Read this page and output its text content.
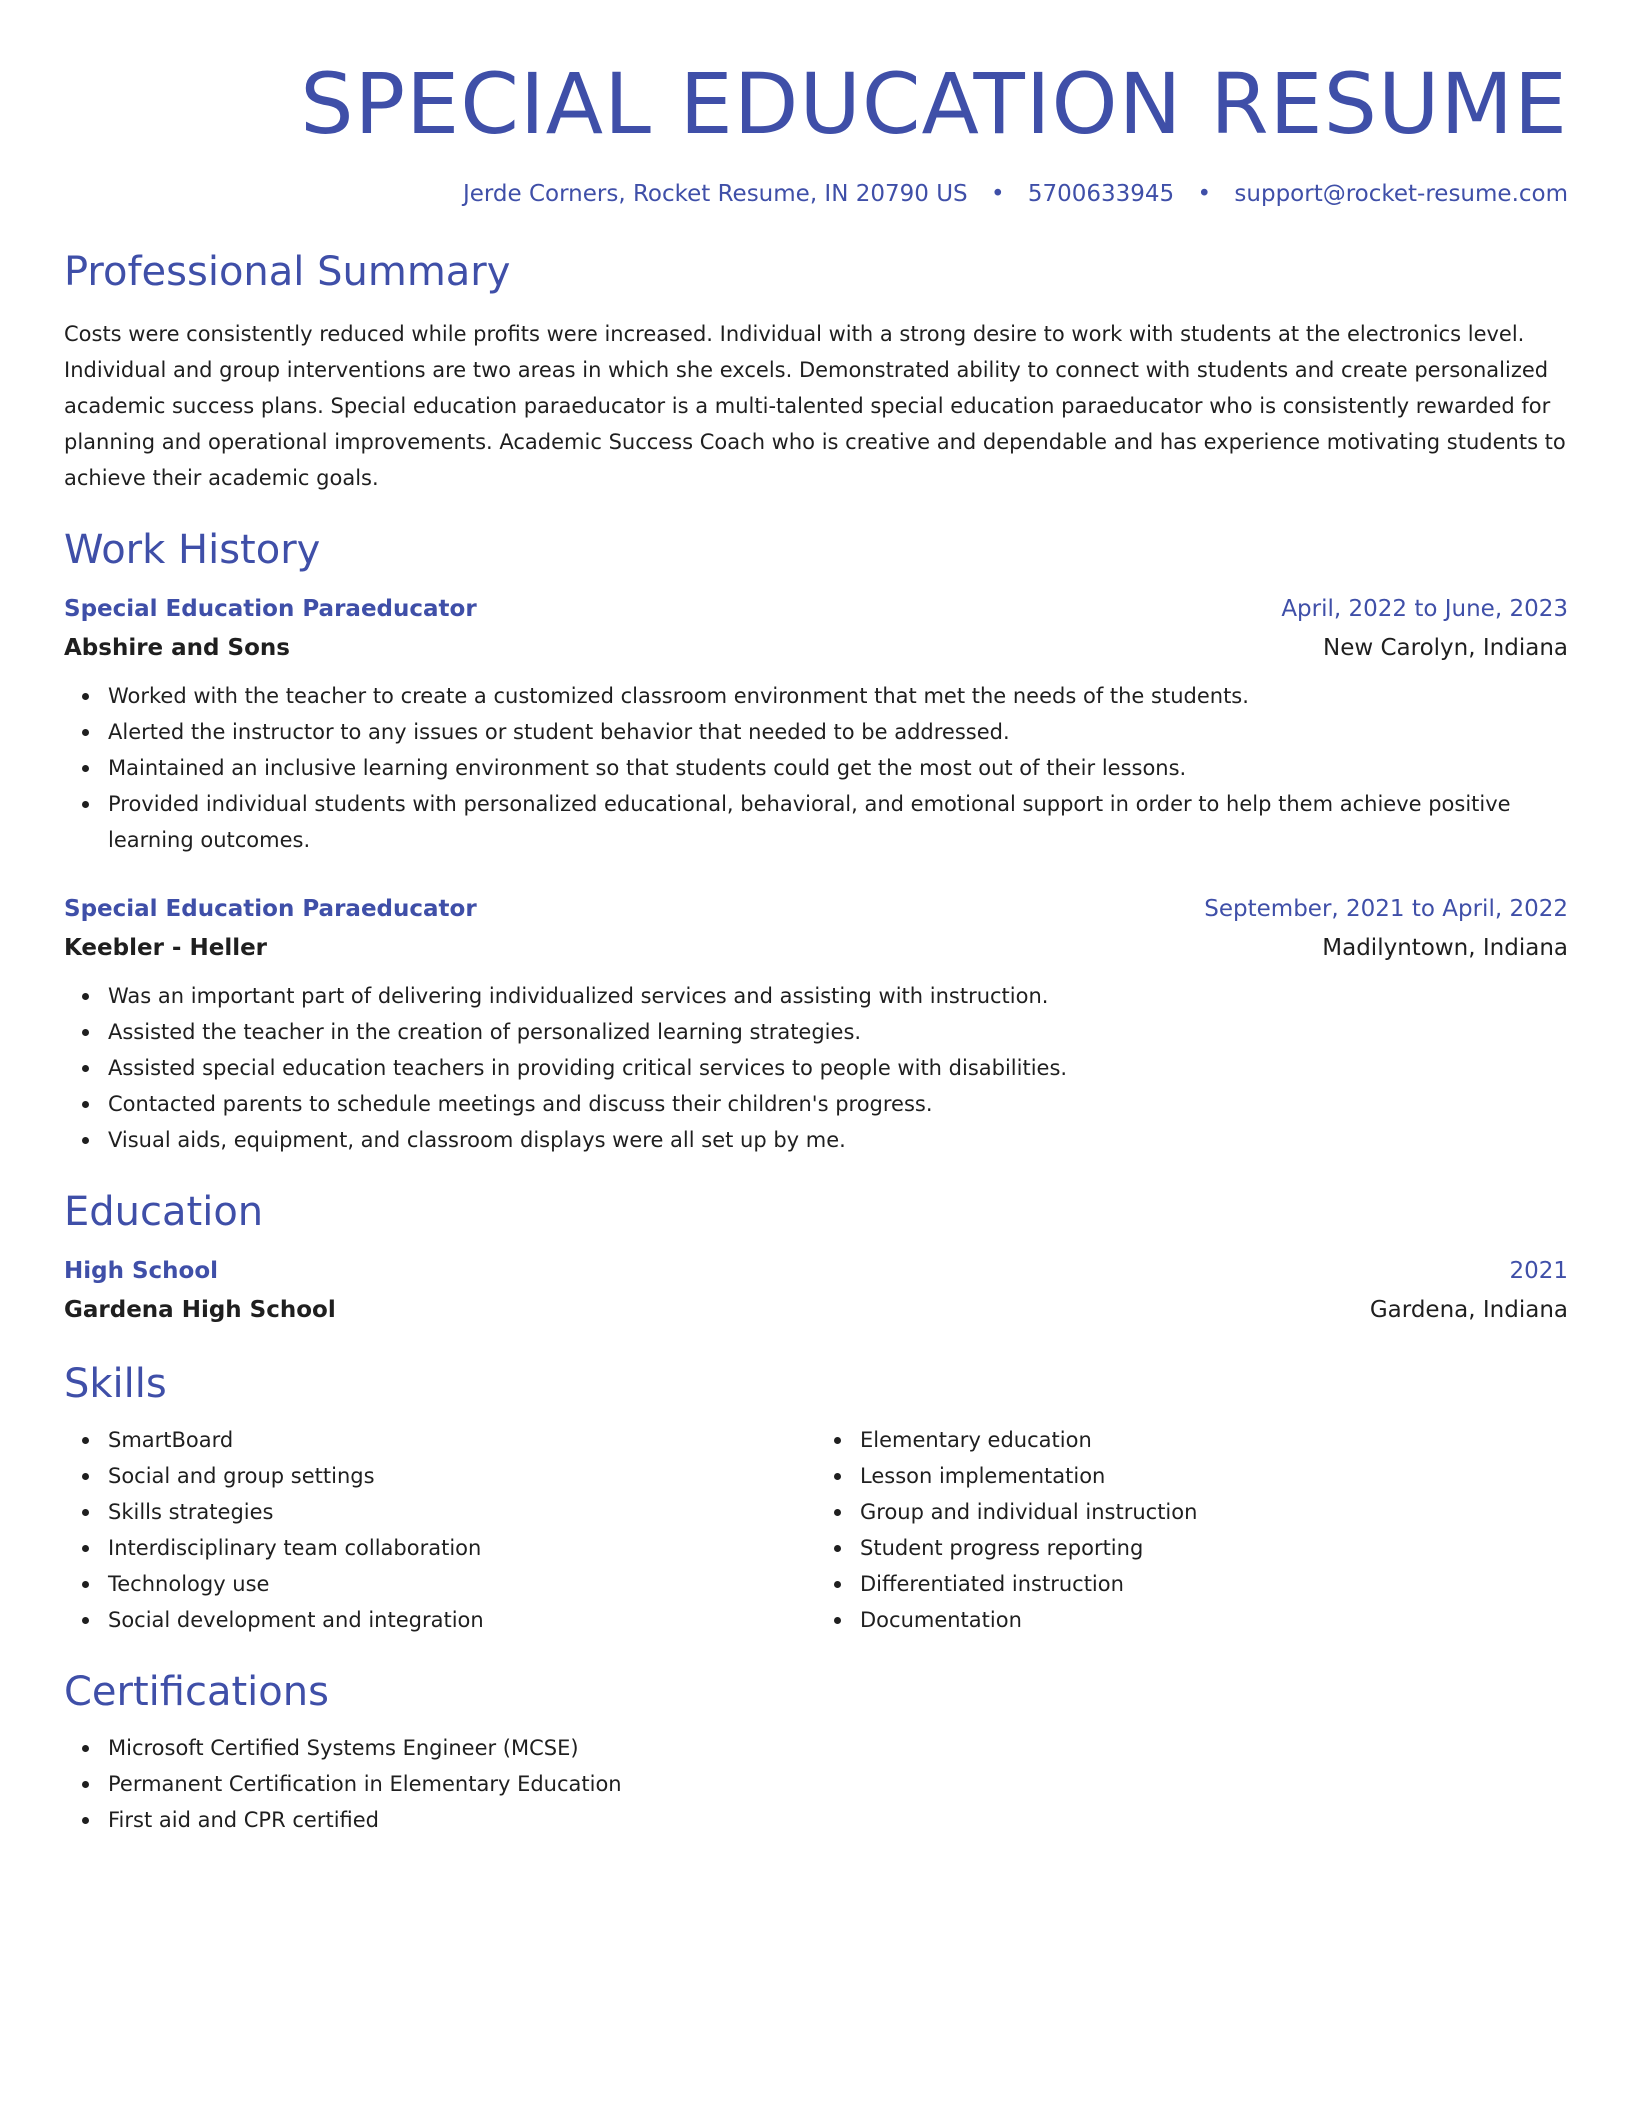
SPECIAL EDUCATION RESUME
Jerde Corners, Rocket Resume, IN 20790 US • 5700633945 • support@rocket-resume.com
Professional Summary

Costs were consistently reduced while profits were increased. Individual with a strong desire to work with students at the electronics level. Individual and group interventions are two areas in which she excels. Demonstrated ability to connect with students and create personalized academic success plans. Special education paraeducator is a multi-talented special education paraeducator who is consistently rewarded for planning and operational improvements. Academic Success Coach who is creative and dependable and has experience motivating students to achieve their academic goals.

Work History
Special Education Paraeducator	April, 2022 to June, 2023
Abshire and Sons	New Carolyn, Indiana
Worked with the teacher to create a customized classroom environment that met the needs of the students.
Alerted the instructor to any issues or student behavior that needed to be addressed.
Maintained an inclusive learning environment so that students could get the most out of their lessons.
Provided individual students with personalized educational, behavioral, and emotional support in order to help them achieve positive learning outcomes.
Special Education Paraeducator	September, 2021 to April, 2022
Keebler - Heller	Madilyntown, Indiana
Was an important part of delivering individualized services and assisting with instruction.
Assisted the teacher in the creation of personalized learning strategies.
Assisted special education teachers in providing critical services to people with disabilities.
Contacted parents to schedule meetings and discuss their children's progress.
Visual aids, equipment, and classroom displays were all set up by me.
Education
High School	2021
Gardena High School	Gardena, Indiana
Skills
SmartBoard
Social and group settings
Skills strategies
Interdisciplinary team collaboration
Technology use
Social development and integration
Elementary education
Lesson implementation
Group and individual instruction
Student progress reporting
Differentiated instruction
Documentation
Certifications
Microsoft Certified Systems Engineer (MCSE)
Permanent Certification in Elementary Education
First aid and CPR certified
